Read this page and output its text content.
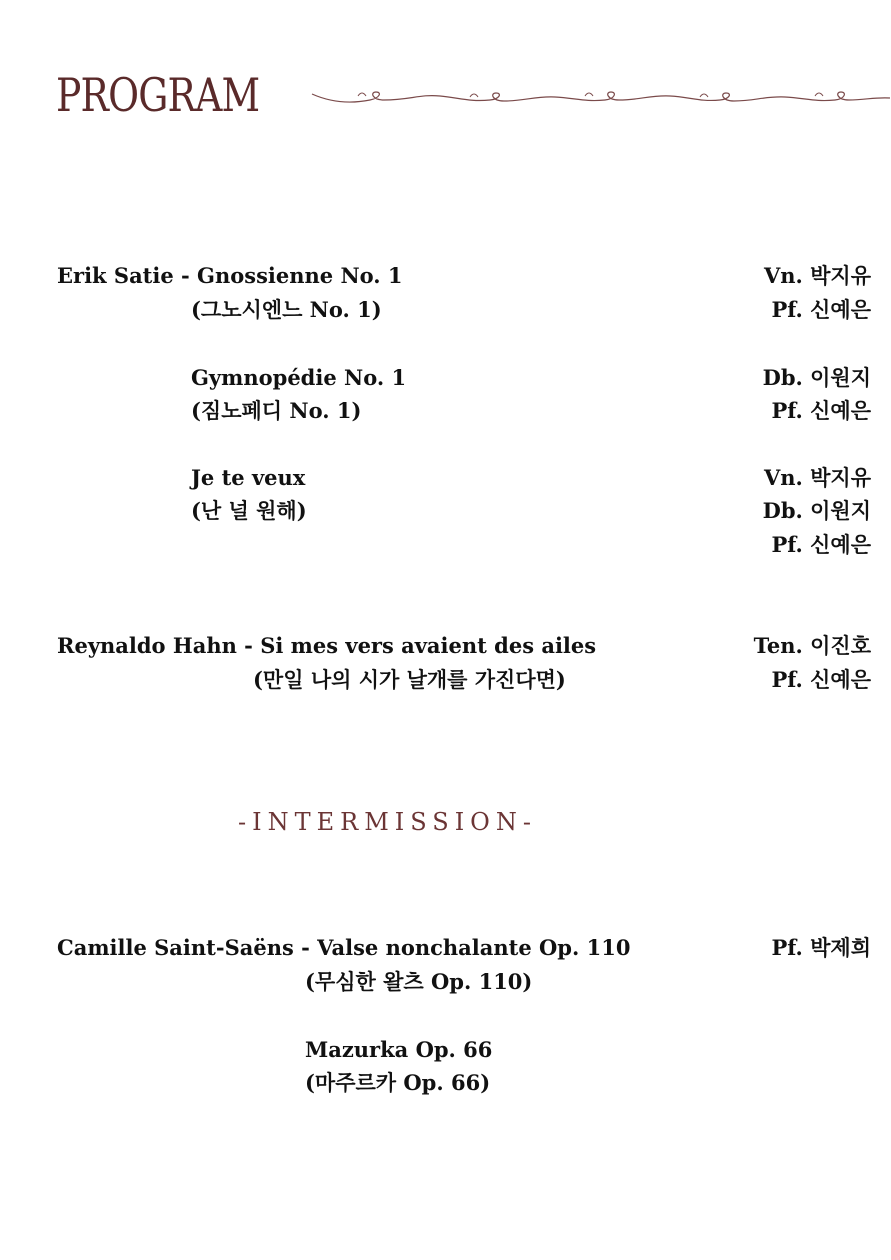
PROGRAM
Erik Satie - Gnossienne No. 1
(그노시엔느 No. 1)
Vn. 박지유
Pf. 신예은
Gymnopédie No. 1
(짐노페디 No. 1)
Db. 이원지
Pf. 신예은
Je te veux
(난 널 원해)
Vn. 박지유
Db. 이원지
Pf. 신예은
Reynaldo Hahn - Si mes vers avaient des ailes
(만일 나의 시가 날개를 가진다면)
Ten. 이진호
Pf. 신예은
-INTERMISSION-
Camille Saint-Saëns - Valse nonchalante Op. 110
(무심한 왈츠 Op. 110)
Pf. 박제희
Mazurka Op. 66
(마주르카 Op. 66)
